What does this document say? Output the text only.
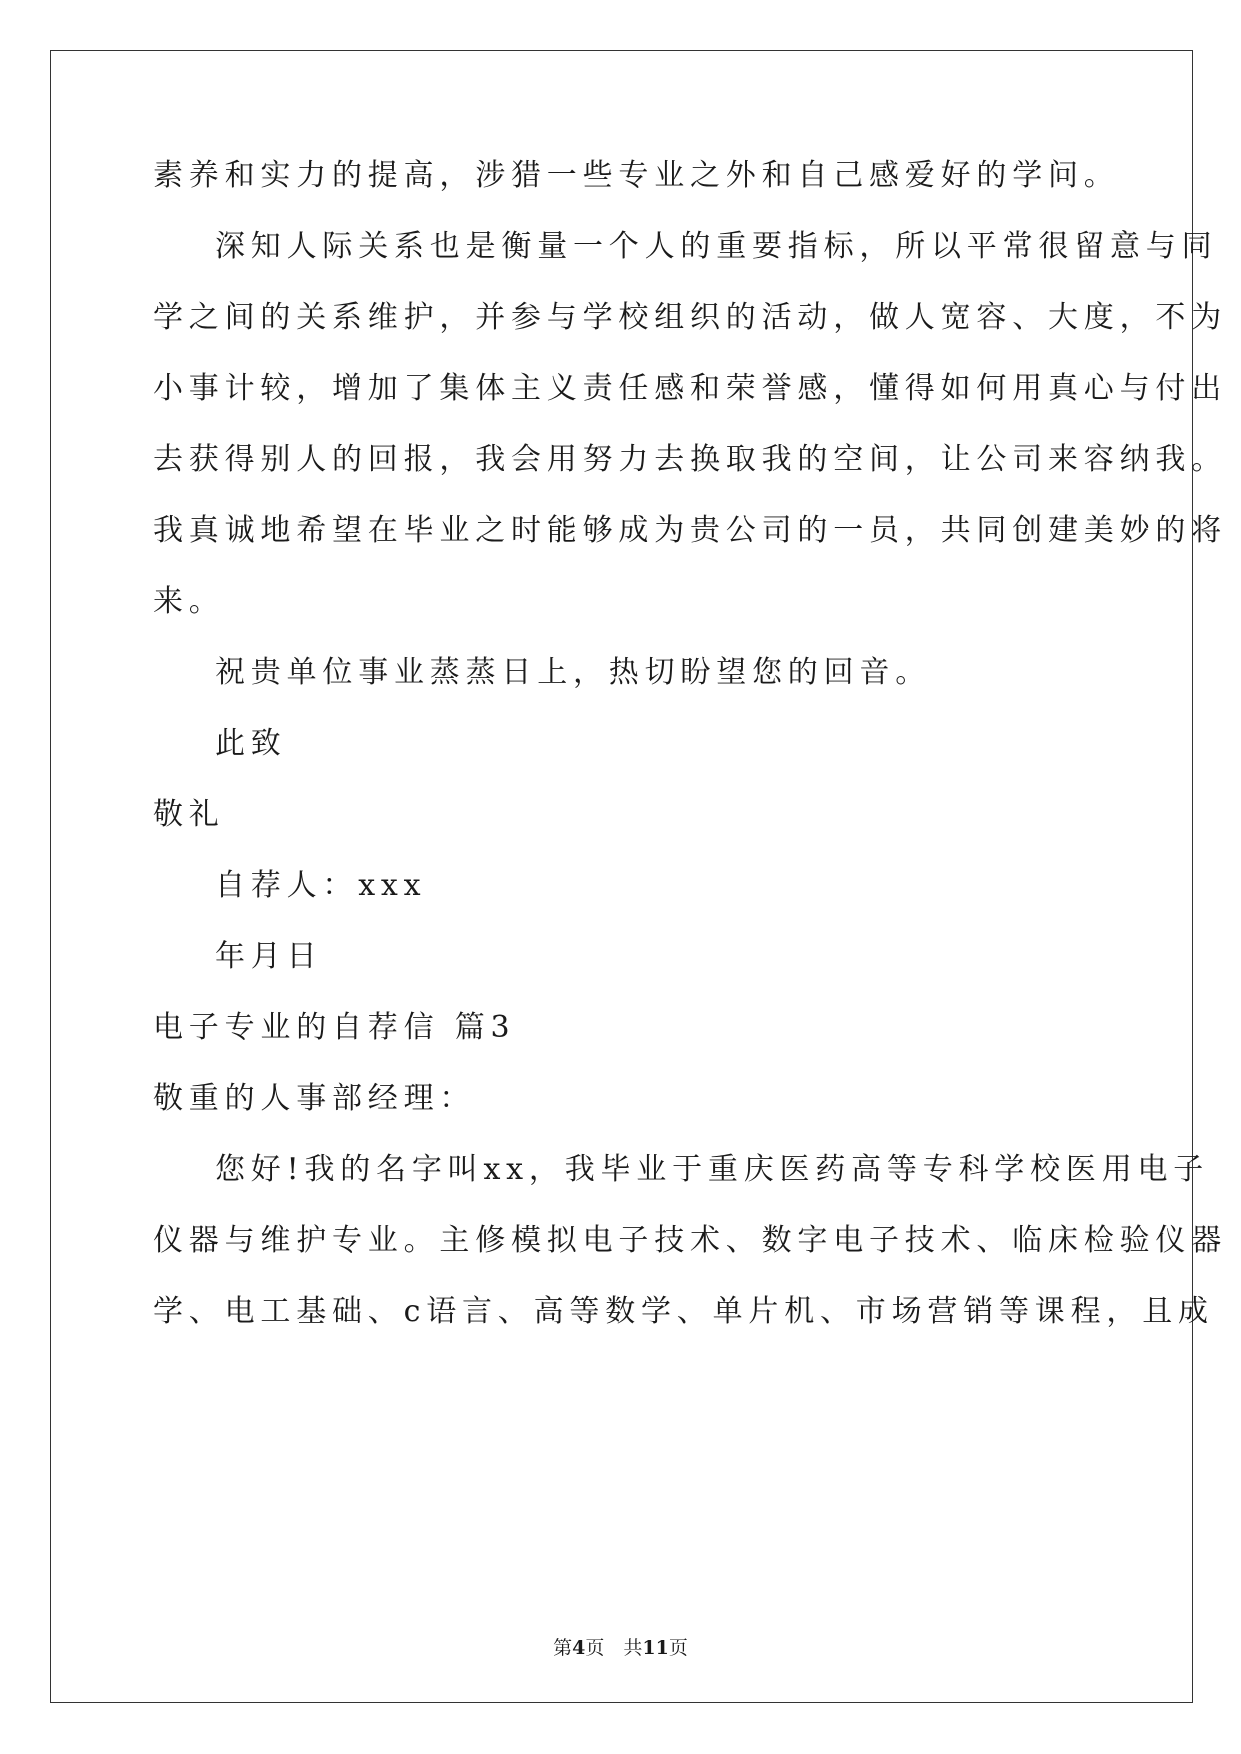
素养和实力的提高，涉猎一些专业之外和自己感爱好的学问。
深知人际关系也是衡量一个人的重要指标，所以平常很留意与同
学之间的关系维护，并参与学校组织的活动，做人宽容、大度，不为
小事计较，增加了集体主义责任感和荣誉感，懂得如何用真心与付出
去获得别人的回报，我会用努力去换取我的空间，让公司来容纳我。
我真诚地希望在毕业之时能够成为贵公司的一员，共同创建美妙的将
来。
祝贵单位事业蒸蒸日上，热切盼望您的回音。
此致
敬礼
自荐人：xxx
年月日
电子专业的自荐信 篇3
敬重的人事部经理：
您好!我的名字叫xx，我毕业于重庆医药高等专科学校医用电子
仪器与维护专业。主修模拟电子技术、数字电子技术、临床检验仪器
学、电工基础、c语言、高等数学、单片机、市场营销等课程，且成
第4页　共11页
